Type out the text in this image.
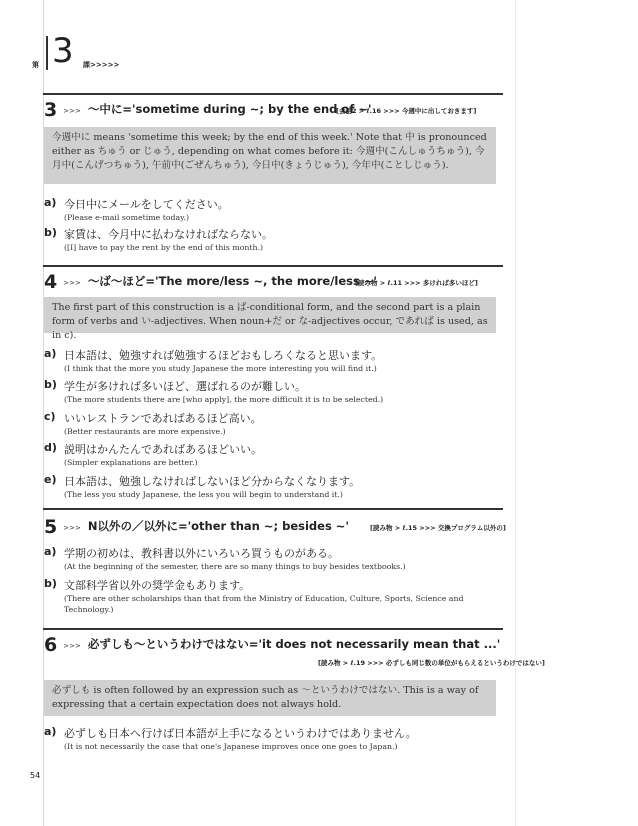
第 3 課>>>>>
3 >>> ～中に='sometime during ~; by the end of ~'
[会話2 > ℓ.16 >>> 今週中に出しておきます]
今週中に means 'sometime this week; by the end of this week.' Note that 中 is pronounced either as ちゅう or じゅう, depending on what comes before it: 今週中(こんしゅうちゅう), 今月中(こんげつちゅう), 午前中(ごぜんちゅう), 今日中(きょうじゅう), 今年中(ことしじゅう).
a) 今日中にメールをしてください。
(Please e-mail sometime today.)
b) 家賃は、今月中に払わなければならない。
([I] have to pay the rent by the end of this month.)
4 >>> ～ば～ほど='The more/less ~, the more/less ~'
[読み物 > ℓ.11 >>> 多ければ多いほど]
The first part of this construction is a ば-conditional form, and the second part is a plain form of verbs and い-adjectives. When noun+だ or な-adjectives occur, であれば is used, as in c).
a) 日本語は、勉強すれば勉強するほどおもしろくなると思います。
(I think that the more you study Japanese the more interesting you will find it.)
b) 学生が多ければ多いほど、選ばれるのが難しい。
(The more students there are [who apply], the more difficult it is to be selected.)
c) いいレストランであればあるほど高い。
(Better restaurants are more expensive.)
d) 説明はかんたんであればあるほどいい。
(Simpler explanations are better.)
e) 日本語は、勉強しなければしないほど分からなくなります。
(The less you study Japanese, the less you will begin to understand it.)
5 >>> N以外の／以外に='other than ~; besides ~'	[読み物 > ℓ.15 >>> 交換プログラム以外の]
a) 学期の初めは、教科書以外にいろいろ買うものがある。
(At the beginning of the semester, there are so many things to buy besides textbooks.)
b) 文部科学省以外の奨学金もあります。
(There are other scholarships than that from the Ministry of Education, Culture, Sports, Science and Technology.)
6 >>> 必ずしも～というわけではない='it does not necessarily mean that ...'
[読み物 > ℓ.19 >>> 必ずしも同じ数の単位がもらえるというわけではない]
必ずしも is often followed by an expression such as ～というわけではない. This is a way of expressing that a certain expectation does not always hold.
a) 必ずしも日本へ行けば日本語が上手になるというわけではありません。
(It is not necessarily the case that one's Japanese improves once one goes to Japan.)
54
